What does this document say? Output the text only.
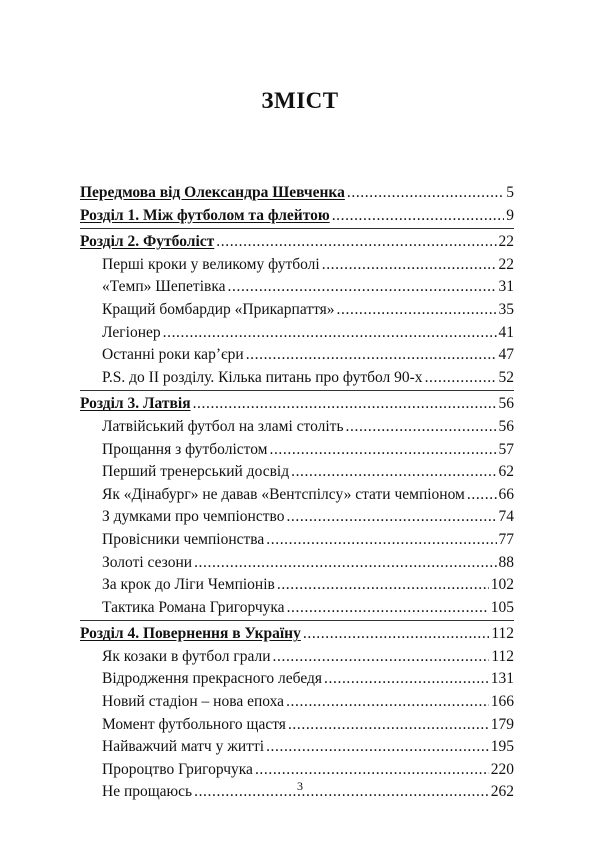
ЗМІСТ
Передмова від Олександра Шевченка .....	5
Розділ 1. Між футболом та флейтою .....	9
Розділ 2. Футболіст .....	22
Перші кроки у великому футболі .....	22
«Темп» Шепетівка .....	31
Кращий бомбардир «Прикарпаття» .....	35
Легіонер .....	41
Останні роки кар’єри .....	47
P.S. до ІІ розділу. Кілька питань про футбол 90-х .....	52
Розділ 3. Латвія .....	56
Латвійський футбол на зламі століть .....	56
Прощання з футболістом .....	57
Перший тренерський досвід .....	62
Як «Дінабург» не давав «Вентспілсу» стати чемпіоном ..... 66
З думками про чемпіонство .....	74
Провісники чемпіонства .....	77
Золоті сезони .....	88
За крок до Ліги Чемпіонів .....	102
Тактика Романа Григорчука .....	105
Розділ 4. Повернення в Україну .....	112
Як козаки в футбол грали .....	112
Відродження прекрасного лебедя .....	131
Новий стадіон – нова епоха .....	166
Момент футбольного щастя .....	179
Найважчий матч у житті .....	195
Пророцтво Григорчука .....	220
Не прощаюсь .....	262
3
